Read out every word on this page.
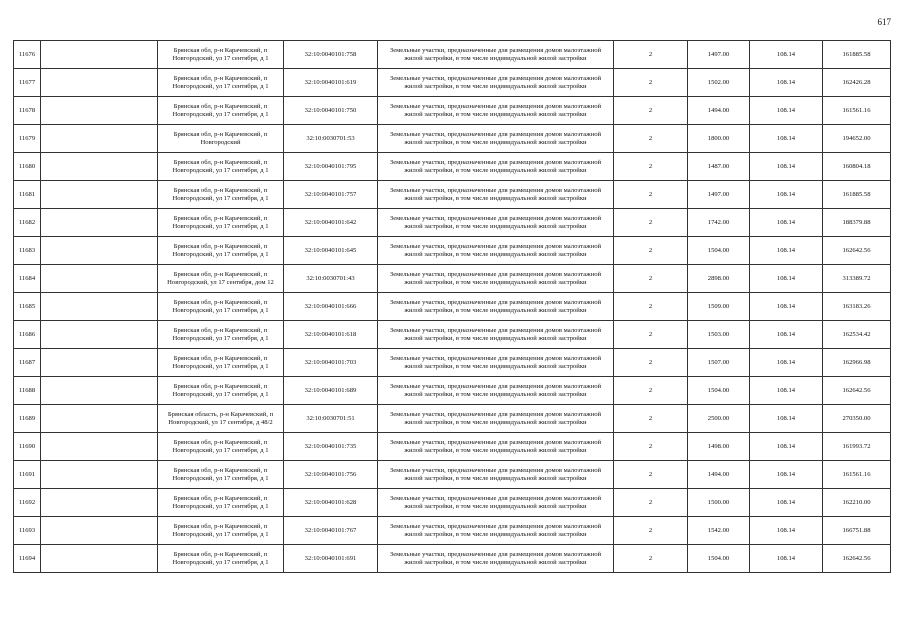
617
11676		Брянская обл, р-н Карачевский, п Новгородский, ул 17 сентября, д 1	32:10:0040101:758	Земельные участки, предназначенные для размещения домов малоэтажной жилой застройки, в том числе индивидуальной жилой застройки	2	1497.00	108.14	161885.58
11677		Брянская обл, р-н Карачевский, п Новгородский, ул 17 сентября, д 1	32:10:0040101:619	Земельные участки, предназначенные для размещения домов малоэтажной жилой застройки, в том числе индивидуальной жилой застройки	2	1502.00	108.14	162426.28
11678		Брянская обл, р-н Карачевский, п Новгородский, ул 17 сентября, д 1	32:10:0040101:750	Земельные участки, предназначенные для размещения домов малоэтажной жилой застройки, в том числе индивидуальной жилой застройки	2	1494.00	108.14	161561.16
11679		Брянская обл, р-н Карачевский, п Новгородский	32:10:0030701:53	Земельные участки, предназначенные для размещения домов малоэтажной жилой застройки, в том числе индивидуальной жилой застройки	2	1800.00	108.14	194652.00
11680		Брянская обл, р-н Карачевский, п Новгородский, ул 17 сентября, д 1	32:10:0040101:795	Земельные участки, предназначенные для размещения домов малоэтажной жилой застройки, в том числе индивидуальной жилой застройки	2	1487.00	108.14	160804.18
11681		Брянская обл, р-н Карачевский, п Новгородский, ул 17 сентября, д 1	32:10:0040101:757	Земельные участки, предназначенные для размещения домов малоэтажной жилой застройки, в том числе индивидуальной жилой застройки	2	1497.00	108.14	161885.58
11682		Брянская обл, р-н Карачевский, п Новгородский, ул 17 сентября, д 1	32:10:0040101:642	Земельные участки, предназначенные для размещения домов малоэтажной жилой застройки, в том числе индивидуальной жилой застройки	2	1742.00	108.14	188379.88
11683		Брянская обл, р-н Карачевский, п Новгородский, ул 17 сентября, д 1	32:10:0040101:645	Земельные участки, предназначенные для размещения домов малоэтажной жилой застройки, в том числе индивидуальной жилой застройки	2	1504.00	108.14	162642.56
11684		Брянская обл, р-н Карачевский, п Новгородский, ул 17 сентября, дом 12	32:10:0030701:43	Земельные участки, предназначенные для размещения домов малоэтажной жилой застройки, в том числе индивидуальной жилой застройки	2	2898.00	108.14	313389.72
11685		Брянская обл, р-н Карачевский, п Новгородский, ул 17 сентября, д 1	32:10:0040101:666	Земельные участки, предназначенные для размещения домов малоэтажной жилой застройки, в том числе индивидуальной жилой застройки	2	1509.00	108.14	163183.26
11686		Брянская обл, р-н Карачевский, п Новгородский, ул 17 сентября, д 1	32:10:0040101:618	Земельные участки, предназначенные для размещения домов малоэтажной жилой застройки, в том числе индивидуальной жилой застройки	2	1503.00	108.14	162534.42
11687		Брянская обл, р-н Карачевский, п Новгородский, ул 17 сентября, д 1	32:10:0040101:703	Земельные участки, предназначенные для размещения домов малоэтажной жилой застройки, в том числе индивидуальной жилой застройки	2	1507.00	108.14	162966.98
11688		Брянская обл, р-н Карачевский, п Новгородский, ул 17 сентября, д 1	32:10:0040101:689	Земельные участки, предназначенные для размещения домов малоэтажной жилой застройки, в том числе индивидуальной жилой застройки	2	1504.00	108.14	162642.56
11689		Брянская область, р-н Карачевский, п Новгородский, ул 17 сентября, д 48/2	32:10:0030701:51	Земельные участки, предназначенные для размещения домов малоэтажной жилой застройки, в том числе индивидуальной жилой застройки	2	2500.00	108.14	270350.00
11690		Брянская обл, р-н Карачевский, п Новгородский, ул 17 сентября, д 1	32:10:0040101:735	Земельные участки, предназначенные для размещения домов малоэтажной жилой застройки, в том числе индивидуальной жилой застройки	2	1498.00	108.14	161993.72
11691		Брянская обл, р-н Карачевский, п Новгородский, ул 17 сентября, д 1	32:10:0040101:756	Земельные участки, предназначенные для размещения домов малоэтажной жилой застройки, в том числе индивидуальной жилой застройки	2	1494.00	108.14	161561.16
11692		Брянская обл, р-н Карачевский, п Новгородский, ул 17 сентября, д 1	32:10:0040101:628	Земельные участки, предназначенные для размещения домов малоэтажной жилой застройки, в том числе индивидуальной жилой застройки	2	1500.00	108.14	162210.00
11693		Брянская обл, р-н Карачевский, п Новгородский, ул 17 сентября, д 1	32:10:0040101:767	Земельные участки, предназначенные для размещения домов малоэтажной жилой застройки, в том числе индивидуальной жилой застройки	2	1542.00	108.14	166751.88
11694		Брянская обл, р-н Карачевский, п Новгородский, ул 17 сентября, д 1	32:10:0040101:691	Земельные участки, предназначенные для размещения домов малоэтажной жилой застройки, в том числе индивидуальной жилой застройки	2	1504.00	108.14	162642.56
